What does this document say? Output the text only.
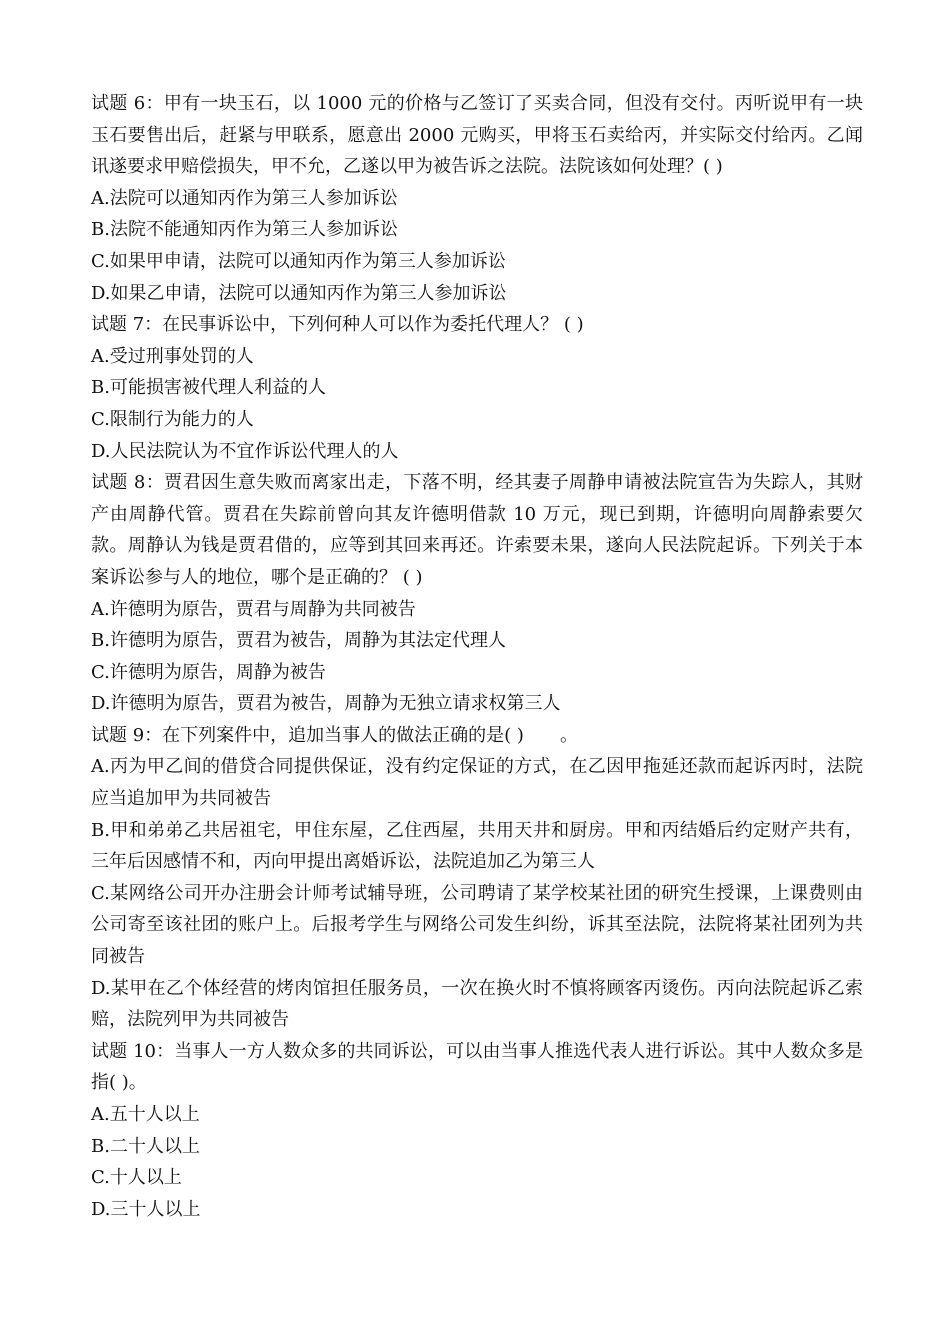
试题 6：甲有一块玉石，以 1000 元的价格与乙签订了买卖合同，但没有交付。丙听说甲有一块玉石要售出后，赶紧与甲联系，愿意出 2000 元购买，甲将玉石卖给丙，并实际交付给丙。乙闻讯遂要求甲赔偿损失，甲不允，乙遂以甲为被告诉之法院。法院该如何处理？( )

A.法院可以通知丙作为第三人参加诉讼

B.法院不能通知丙作为第三人参加诉讼

C.如果甲申请，法院可以通知丙作为第三人参加诉讼

D.如果乙申请，法院可以通知丙作为第三人参加诉讼

试题 7：在民事诉讼中，下列何种人可以作为委托代理人？ ( )

A.受过刑事处罚的人

B.可能损害被代理人利益的人

C.限制行为能力的人

D.人民法院认为不宜作诉讼代理人的人

试题 8：贾君因生意失败而离家出走，下落不明，经其妻子周静申请被法院宣告为失踪人，其财产由周静代管。贾君在失踪前曾向其友许德明借款 10 万元，现已到期，许德明向周静索要欠款。周静认为钱是贾君借的，应等到其回来再还。许索要未果，遂向人民法院起诉。下列关于本案诉讼参与人的地位，哪个是正确的？ ( )

A.许德明为原告，贾君与周静为共同被告

B.许德明为原告，贾君为被告，周静为其法定代理人

C.许德明为原告，周静为被告

D.许德明为原告，贾君为被告，周静为无独立请求权第三人

试题 9：在下列案件中，追加当事人的做法正确的是( )　　。

A.丙为甲乙间的借贷合同提供保证，没有约定保证的方式，在乙因甲拖延还款而起诉丙时，法院应当追加甲为共同被告

B.甲和弟弟乙共居祖宅，甲住东屋，乙住西屋，共用天井和厨房。甲和丙结婚后约定财产共有，三年后因感情不和，丙向甲提出离婚诉讼，法院追加乙为第三人

C.某网络公司开办注册会计师考试辅导班，公司聘请了某学校某社团的研究生授课，上课费则由公司寄至该社团的账户上。后报考学生与网络公司发生纠纷，诉其至法院，法院将某社团列为共同被告

D.某甲在乙个体经营的烤肉馆担任服务员，一次在换火时不慎将顾客丙烫伤。丙向法院起诉乙索赔，法院列甲为共同被告

试题 10：当事人一方人数众多的共同诉讼，可以由当事人推选代表人进行诉讼。其中人数众多是指( )。

A.五十人以上

B.二十人以上

C.十人以上

D.三十人以上
